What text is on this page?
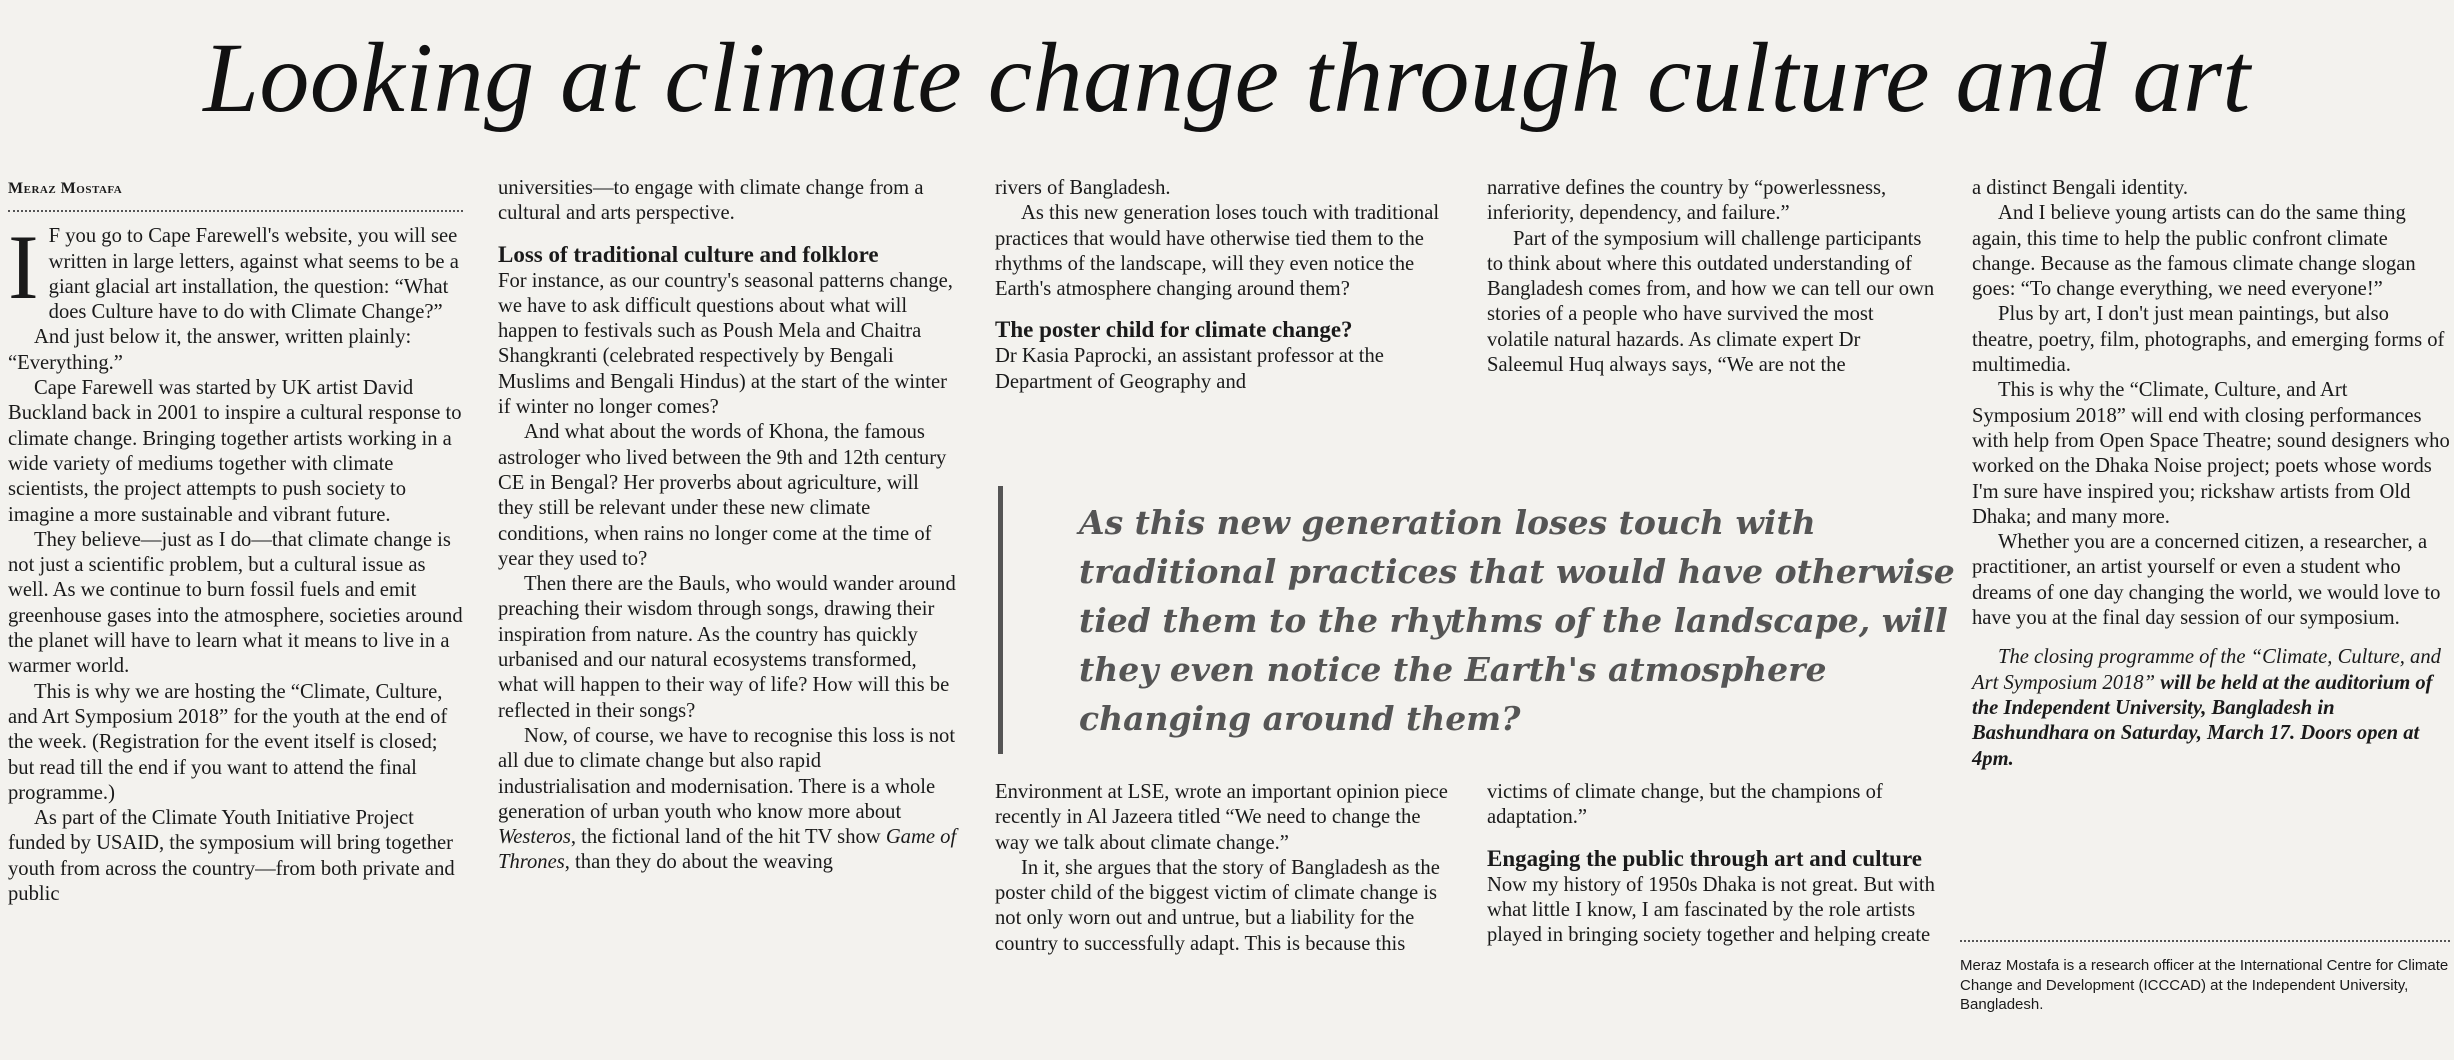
Looking at climate change through culture and art
Meraz Mostafa

I F you go to Cape Farewell's website, you will see written in large letters, against what seems to be a giant glacial art installation, the question: “What does Culture have to do with Climate Change?”

And just below it, the answer, written plainly: “Everything.”

Cape Farewell was started by UK artist David Buckland back in 2001 to inspire a cultural response to climate change. Bringing together artists working in a wide variety of mediums together with climate scientists, the project attempts to push society to imagine a more sustainable and vibrant future.

They believe—just as I do—that climate change is not just a scientific problem, but a cultural issue as well. As we continue to burn fossil fuels and emit greenhouse gases into the atmosphere, societies around the planet will have to learn what it means to live in a warmer world.

This is why we are hosting the “Climate, Culture, and Art Symposium 2018” for the youth at the end of the week. (Registration for the event itself is closed; but read till the end if you want to attend the final programme.)

As part of the Climate Youth Initiative Project funded by USAID, the symposium will bring together youth from across the country—from both private and public

universities—to engage with climate change from a cultural and arts perspective.

Loss of traditional culture and folklore

For instance, as our country's seasonal patterns change, we have to ask difficult questions about what will happen to festivals such as Poush Mela and Chaitra Shangkranti (celebrated respectively by Bengali Muslims and Bengali Hindus) at the start of the winter if winter no longer comes?

And what about the words of Khona, the famous astrologer who lived between the 9th and 12th century CE in Bengal? Her proverbs about agriculture, will they still be relevant under these new climate conditions, when rains no longer come at the time of year they used to?

Then there are the Bauls, who would wander around preaching their wisdom through songs, drawing their inspiration from nature. As the country has quickly urbanised and our natural ecosystems transformed, what will happen to their way of life? How will this be reflected in their songs?

Now, of course, we have to recognise this loss is not all due to climate change but also rapid industrialisation and modernisation. There is a whole generation of urban youth who know more about Westeros, the fictional land of the hit TV show Game of Thrones, than they do about the weaving

rivers of Bangladesh.

As this new generation loses touch with traditional practices that would have otherwise tied them to the rhythms of the landscape, will they even notice the Earth's atmosphere changing around them?

The poster child for climate change?

Dr Kasia Paprocki, an assistant professor at the Department of Geography and

narrative defines the country by “powerlessness, inferiority, dependency, and failure.”

Part of the symposium will challenge participants to think about where this outdated understanding of Bangladesh comes from, and how we can tell our own stories of a people who have survived the most volatile natural hazards. As climate expert Dr Saleemul Huq always says, “We are not the

As this new generation loses touch with traditional practices that would have otherwise tied them to the rhythms of the landscape, will they even notice the Earth's atmosphere changing around them?

Environment at LSE, wrote an important opinion piece recently in Al Jazeera titled “We need to change the way we talk about climate change.”

In it, she argues that the story of Bangladesh as the poster child of the biggest victim of climate change is not only worn out and untrue, but a liability for the country to successfully adapt. This is because this

victims of climate change, but the champions of adaptation.”

Engaging the public through art and culture

Now my history of 1950s Dhaka is not great. But with what little I know, I am fascinated by the role artists played in bringing society together and helping create

a distinct Bengali identity.

And I believe young artists can do the same thing again, this time to help the public confront climate change. Because as the famous climate change slogan goes: “To change everything, we need everyone!”

Plus by art, I don't just mean paintings, but also theatre, poetry, film, photographs, and emerging forms of multimedia.

This is why the “Climate, Culture, and Art Symposium 2018” will end with closing performances with help from Open Space Theatre; sound designers who worked on the Dhaka Noise project; poets whose words I'm sure have inspired you; rickshaw artists from Old Dhaka; and many more.

Whether you are a concerned citizen, a researcher, a practitioner, an artist yourself or even a student who dreams of one day changing the world, we would love to have you at the final day session of our symposium.

The closing programme of the “Climate, Culture, and Art Symposium 2018” will be held at the auditorium of the Independent University, Bangladesh in Bashundhara on Saturday, March 17. Doors open at 4pm.

Meraz Mostafa is a research officer at the International Centre for Climate Change and Development (ICCCAD) at the Independent University, Bangladesh.
